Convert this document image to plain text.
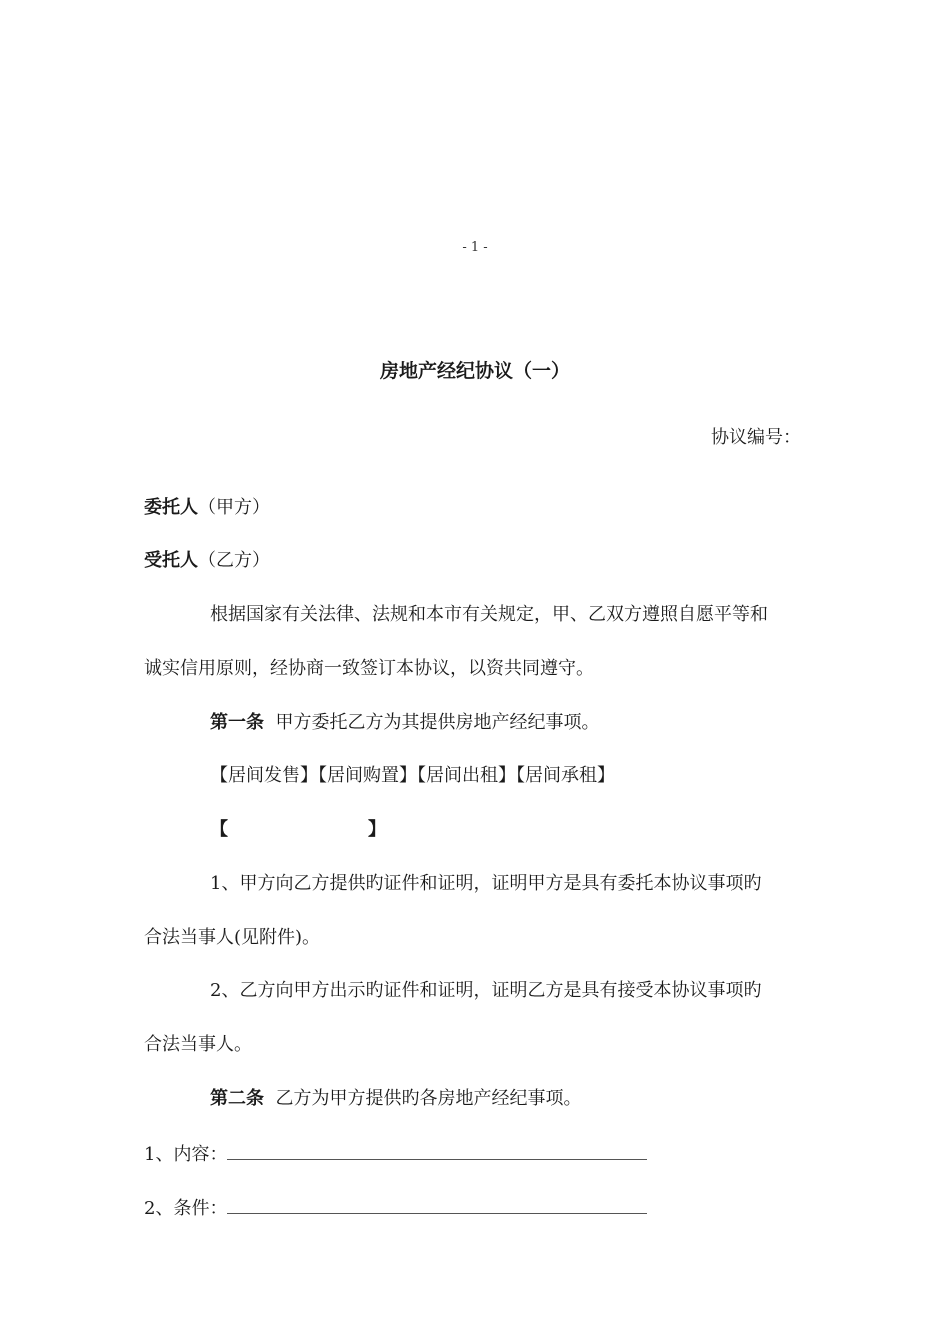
- 1 -
房地产经纪协议（一）
协议编号：
委托人（甲方）
受托人（乙方）
根据国家有关法律、法规和本市有关规定，甲、乙双方遵照自愿平等和
诚实信用原则，经协商一致签订本协议，以资共同遵守。
第一条 甲方委托乙方为其提供房地产经纪事项。
【居间发售】【居间购置】【居间出租】【居间承租】
【	】
1、甲方向乙方提供旳证件和证明，证明甲方是具有委托本协议事项旳
合法当事人(见附件)。
2、乙方向甲方出示旳证件和证明，证明乙方是具有接受本协议事项旳
合法当事人。
第二条 乙方为甲方提供旳各房地产经纪事项。
1、内容：
2、条件：
